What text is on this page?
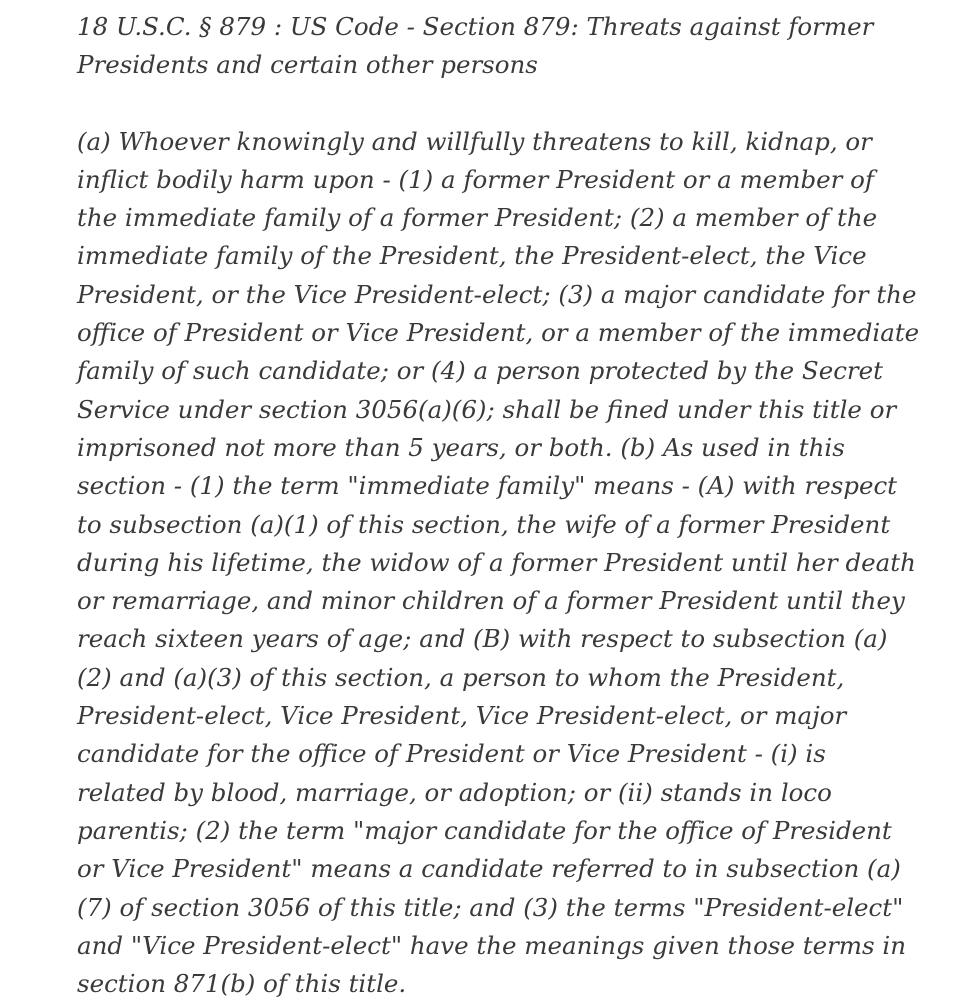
18 U.S.C. § 879 : US Code - Section 879: Threats against former Presidents and certain other persons

(a) Whoever knowingly and willfully threatens to kill, kidnap, or inflict bodily harm upon - (1) a former President or a member of the immediate family of a former President; (2) a member of the immediate family of the President, the President-elect, the Vice President, or the Vice President-elect; (3) a major candidate for the office of President or Vice President, or a member of the immediate family of such candidate; or (4) a person protected by the Secret Service under section 3056(a)(6); shall be fined under this title or imprisoned not more than 5 years, or both. (b) As used in this section - (1) the term "immediate family" means - (A) with respect to subsection (a)(1) of this section, the wife of a former President during his lifetime, the widow of a former President until her death or remarriage, and minor children of a former President until they reach sixteen years of age; and (B) with respect to subsection (a)(2) and (a)(3) of this section, a person to whom the President, President-elect, Vice President, Vice President-elect, or major candidate for the office of President or Vice President - (i) is related by blood, marriage, or adoption; or (ii) stands in loco parentis; (2) the term "major candidate for the office of President or Vice President" means a candidate referred to in subsection (a)(7) of section 3056 of this title; and (3) the terms "President-elect" and "Vice President-elect" have the meanings given those terms in section 871(b) of this title.
